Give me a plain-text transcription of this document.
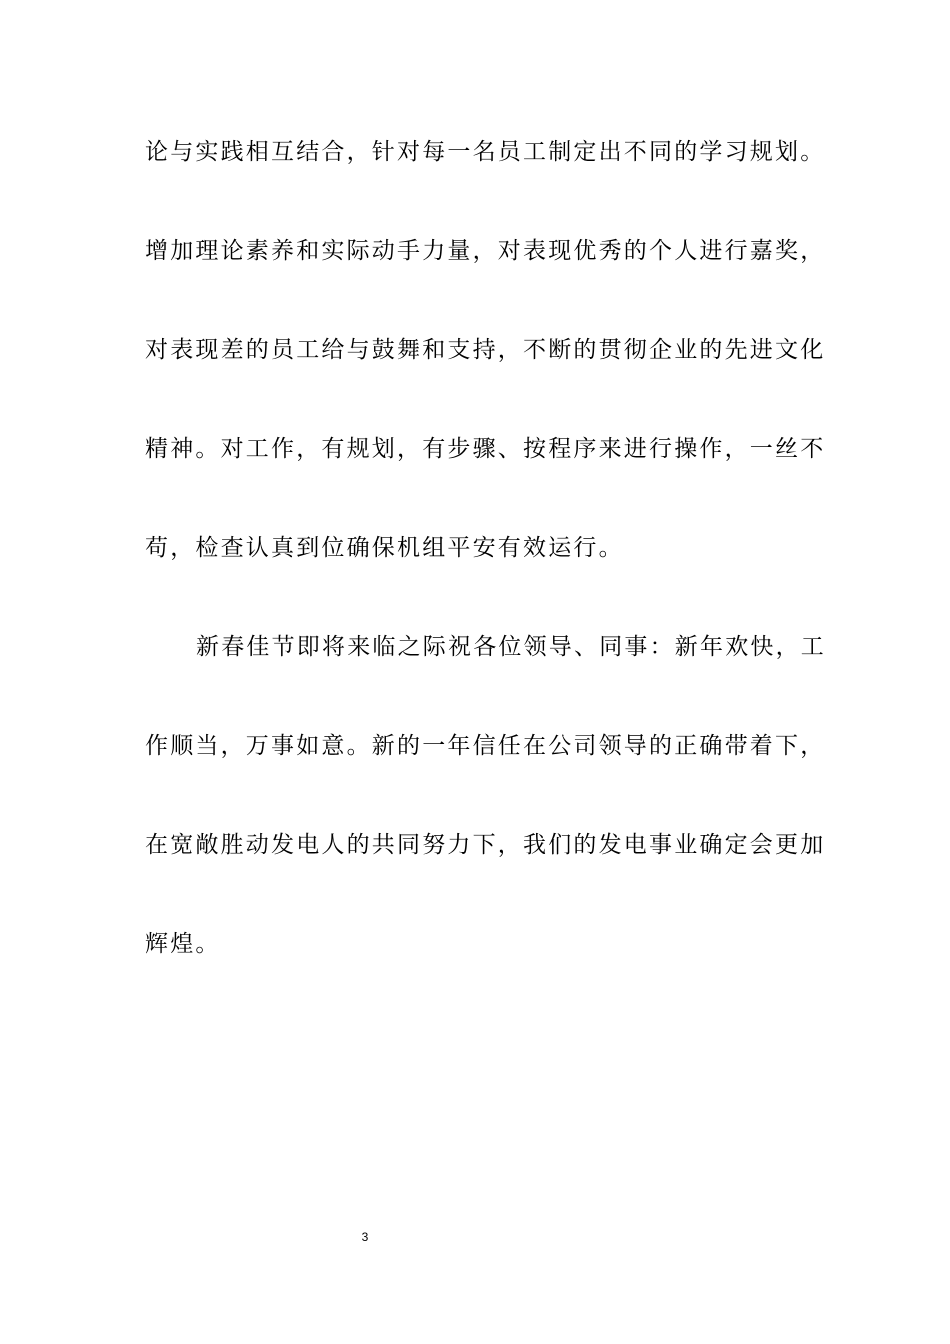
论与实践相互结合，针对每一名员工制定出不同的学习规划。
增加理论素养和实际动手力量，对表现优秀的个人进行嘉奖，
对表现差的员工给与鼓舞和支持，不断的贯彻企业的先进文化
精神。对工作，有规划，有步骤、按程序来进行操作，一丝不
苟，检查认真到位确保机组平安有效运行。
新春佳节即将来临之际祝各位领导、同事：新年欢快，工
作顺当，万事如意。新的一年信任在公司领导的正确带着下，
在宽敞胜动发电人的共同努力下，我们的发电事业确定会更加
辉煌。
3
